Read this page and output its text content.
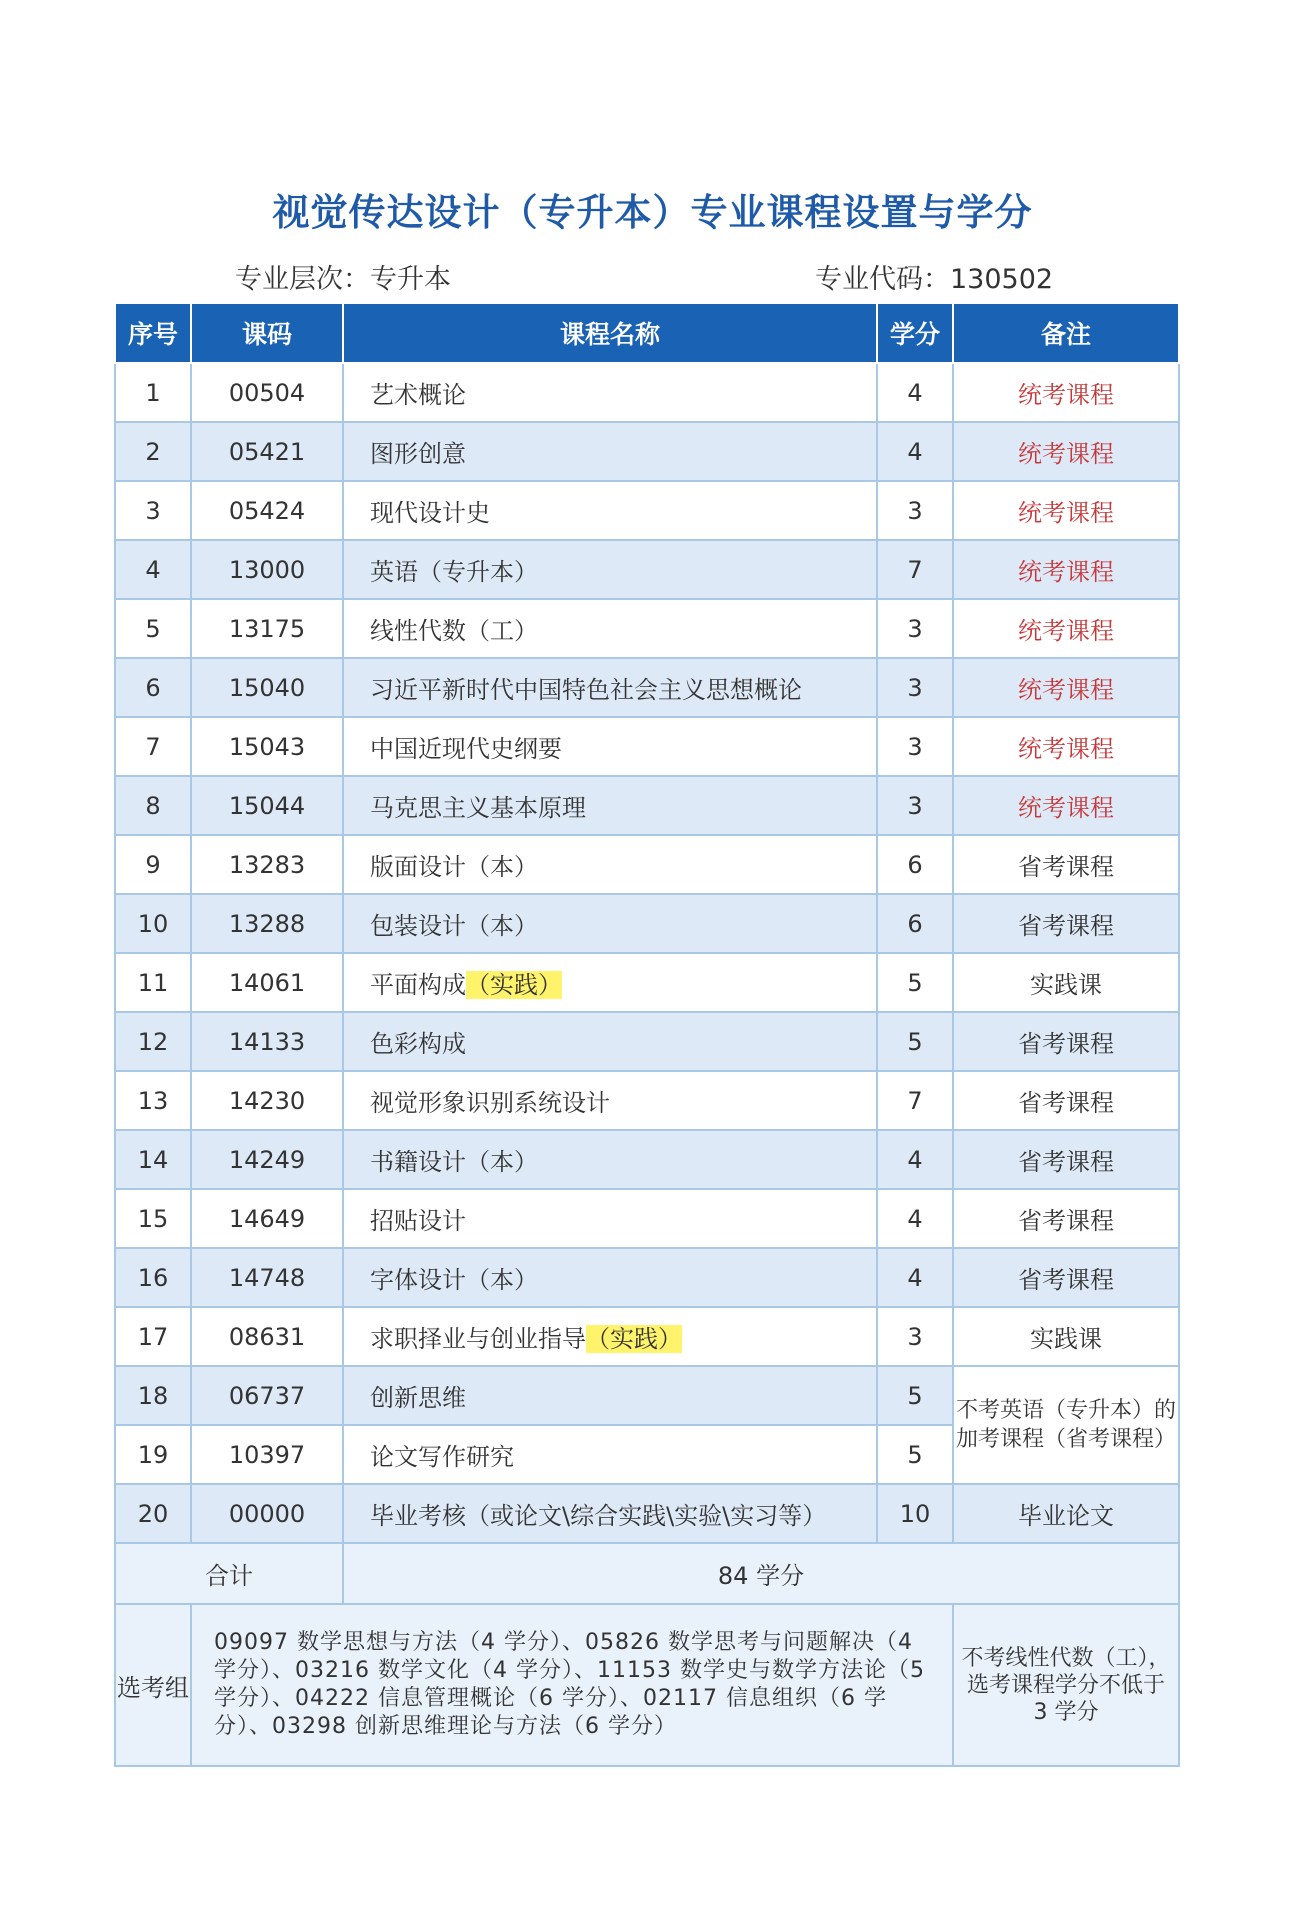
视觉传达设计（专升本）专业课程设置与学分
专业层次：专升本	专业代码：130502
序号	课码	课程名称	学分	备注
1	00504	艺术概论	4	统考课程
2	05421	图形创意	4	统考课程
3	05424	现代设计史	3	统考课程
4	13000	英语（专升本）	7	统考课程
5	13175	线性代数（工）	3	统考课程
6	15040	习近平新时代中国特色社会主义思想概论	3	统考课程
7	15043	中国近现代史纲要	3	统考课程
8	15044	马克思主义基本原理	3	统考课程
9	13283	版面设计（本）	6	省考课程
10	13288	包装设计（本）	6	省考课程
11	14061	平面构成（实践）	5	实践课
12	14133	色彩构成	5	省考课程
13	14230	视觉形象识别系统设计	7	省考课程
14	14249	书籍设计（本）	4	省考课程
15	14649	招贴设计	4	省考课程
16	14748	字体设计（本）	4	省考课程
17	08631	求职择业与创业指导（实践）	3	实践课
18	06737	创新思维	5	不考英语（专升本）的加考课程（省考课程）
19	10397	论文写作研究	5	
20	00000	毕业考核（或论文\综合实践\实验\实习等）	10	毕业论文
合计		84 学分		
选考组	09097 数学思想与方法（4 学分）、05826 数学思考与问题解决（4 学分）、03216 数学文化（4 学分）、11153 数学史与数学方法论（5 学分）、04222 信息管理概论（6 学分）、02117 信息组织（6 学分）、03298 创新思维理论与方法（6 学分）			不考线性代数（工），选考课程学分不低于 3 学分
